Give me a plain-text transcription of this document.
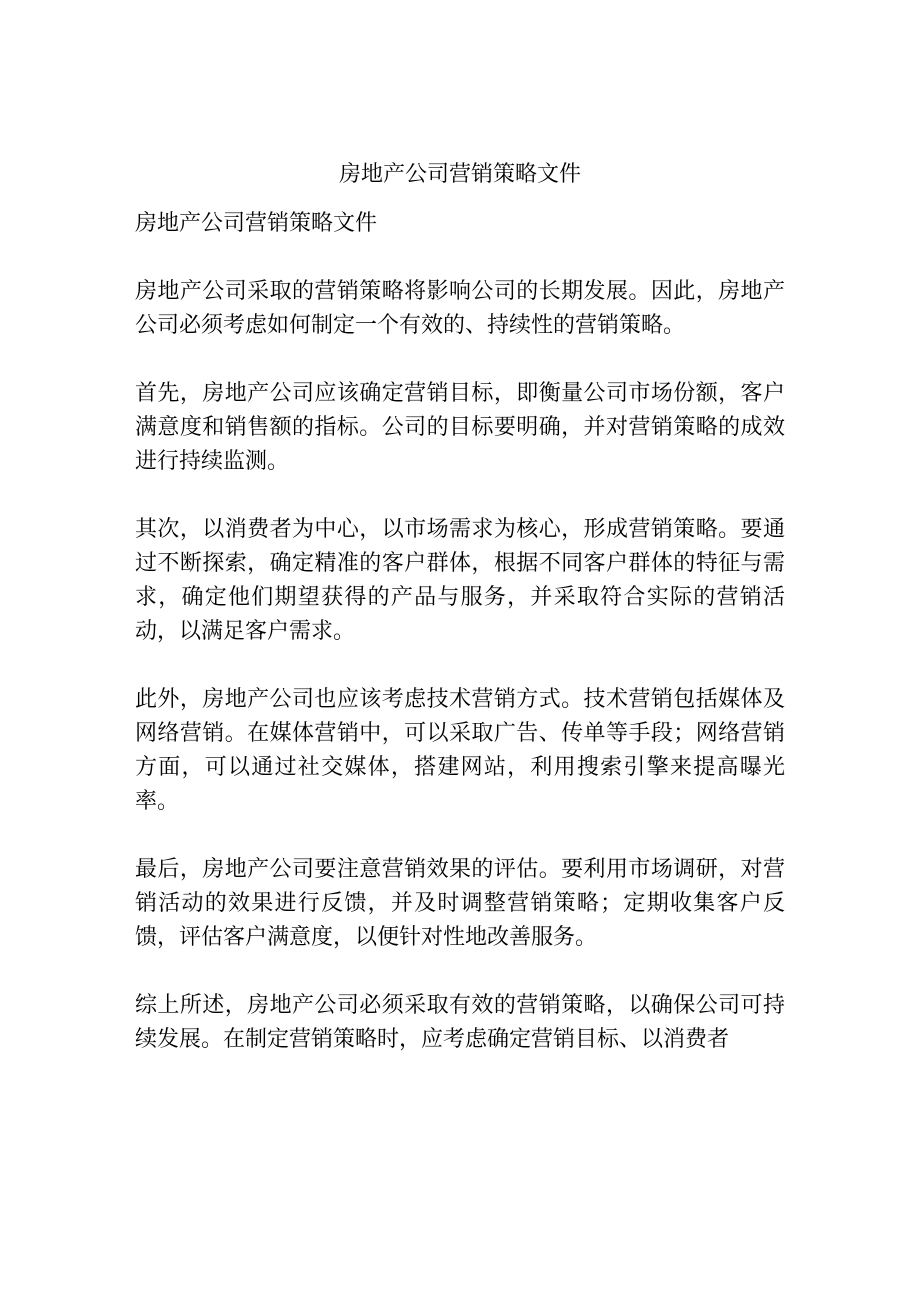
房地产公司营销策略文件

房地产公司营销策略文件

房地产公司采取的营销策略将影响公司的长期发展。因此，房地产公司必须考虑如何制定一个有效的、持续性的营销策略。

首先，房地产公司应该确定营销目标，即衡量公司市场份额，客户满意度和销售额的指标。公司的目标要明确，并对营销策略的成效进行持续监测。

其次，以消费者为中心，以市场需求为核心，形成营销策略。要通过不断探索，确定精准的客户群体，根据不同客户群体的特征与需求，确定他们期望获得的产品与服务，并采取符合实际的营销活动，以满足客户需求。

此外，房地产公司也应该考虑技术营销方式。技术营销包括媒体及网络营销。在媒体营销中，可以采取广告、传单等手段；网络营销方面，可以通过社交媒体，搭建网站，利用搜索引擎来提高曝光率。

最后，房地产公司要注意营销效果的评估。要利用市场调研，对营销活动的效果进行反馈，并及时调整营销策略；定期收集客户反馈，评估客户满意度，以便针对性地改善服务。

综上所述，房地产公司必须采取有效的营销策略，以确保公司可持续发展。在制定营销策略时，应考虑确定营销目标、以消费者
